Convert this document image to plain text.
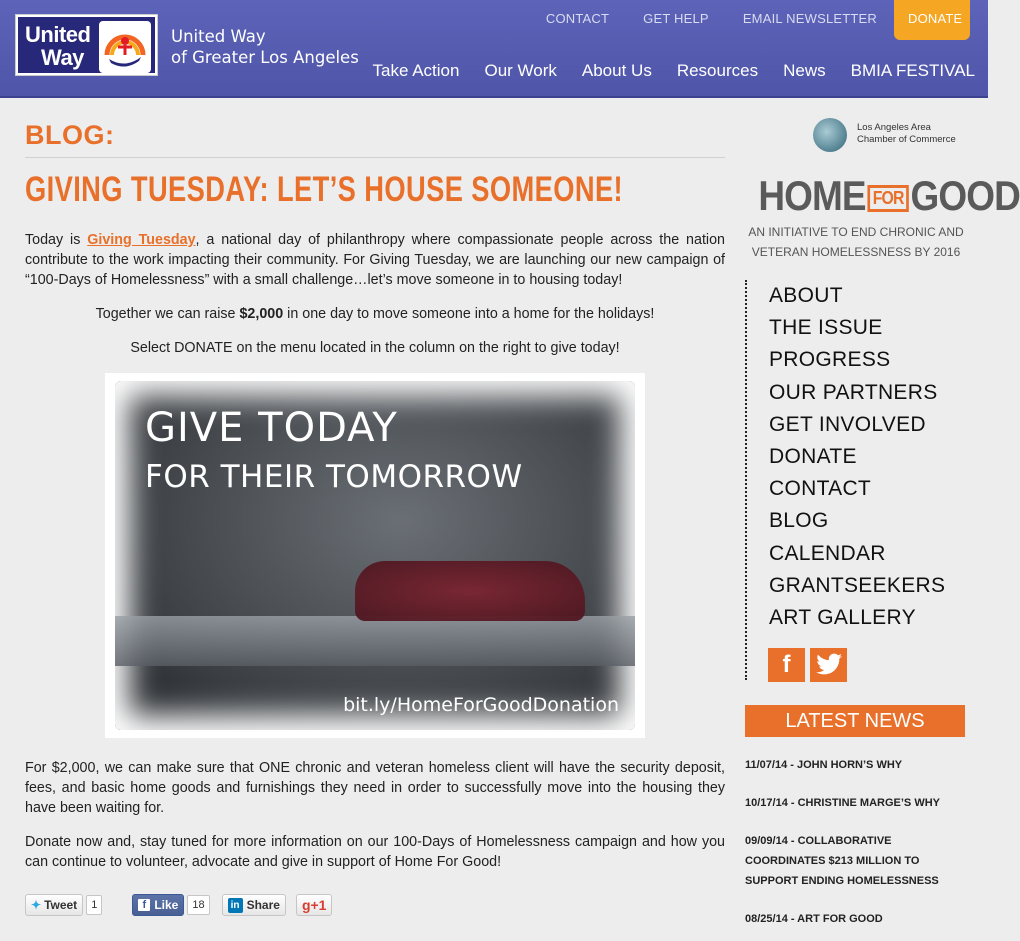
United
Way
United Way
of Greater Los Angeles
CONTACT	GET HELP	EMAIL NEWSLETTER	DONATE
Take Action Our Work About Us Resources News BMIA FESTIVAL
BLOG:
GIVING TUESDAY: LET’S HOUSE SOMEONE!

Today is Giving Tuesday, a national day of philanthropy where compassionate people across the nation contribute to the work impacting their community. For Giving Tuesday, we are launching our new campaign of “100-Days of Homelessness” with a small challenge…let’s move someone in to housing today!

Together we can raise $2,000 in one day to move someone into a home for the holidays!

Select DONATE on the menu located in the column on the right to give today!

GIVE TODAY
FOR THEIR TOMORROW
bit.ly/HomeForGoodDonation

For $2,000, we can make sure that ONE chronic and veteran homeless client will have the security deposit, fees, and basic home goods and furnishings they need in order to successfully move into the housing they have been waiting for.

Donate now and, stay tuned for more information on our 100-Days of Homelessness campaign and how you can continue to volunteer, advocate and give in support of Home For Good!

✦ Tweet	1	f Like	18	in Share	g+1
Los Angeles Area
Chamber of Commerce
HOME FOR GOOD
AN INITIATIVE TO END CHRONIC AND
VETERAN HOMELESSNESS BY 2016
ABOUT
THE ISSUE
PROGRESS
OUR PARTNERS
GET INVOLVED
DONATE
CONTACT
BLOG
CALENDAR
GRANTSEEKERS
ART GALLERY
f
LATEST NEWS
11/07/14 - JOHN HORN’S WHY
10/17/14 - CHRISTINE MARGE’S WHY
09/09/14 - COLLABORATIVE COORDINATES $213 MILLION TO SUPPORT ENDING HOMELESSNESS
08/25/14 - ART FOR GOOD
